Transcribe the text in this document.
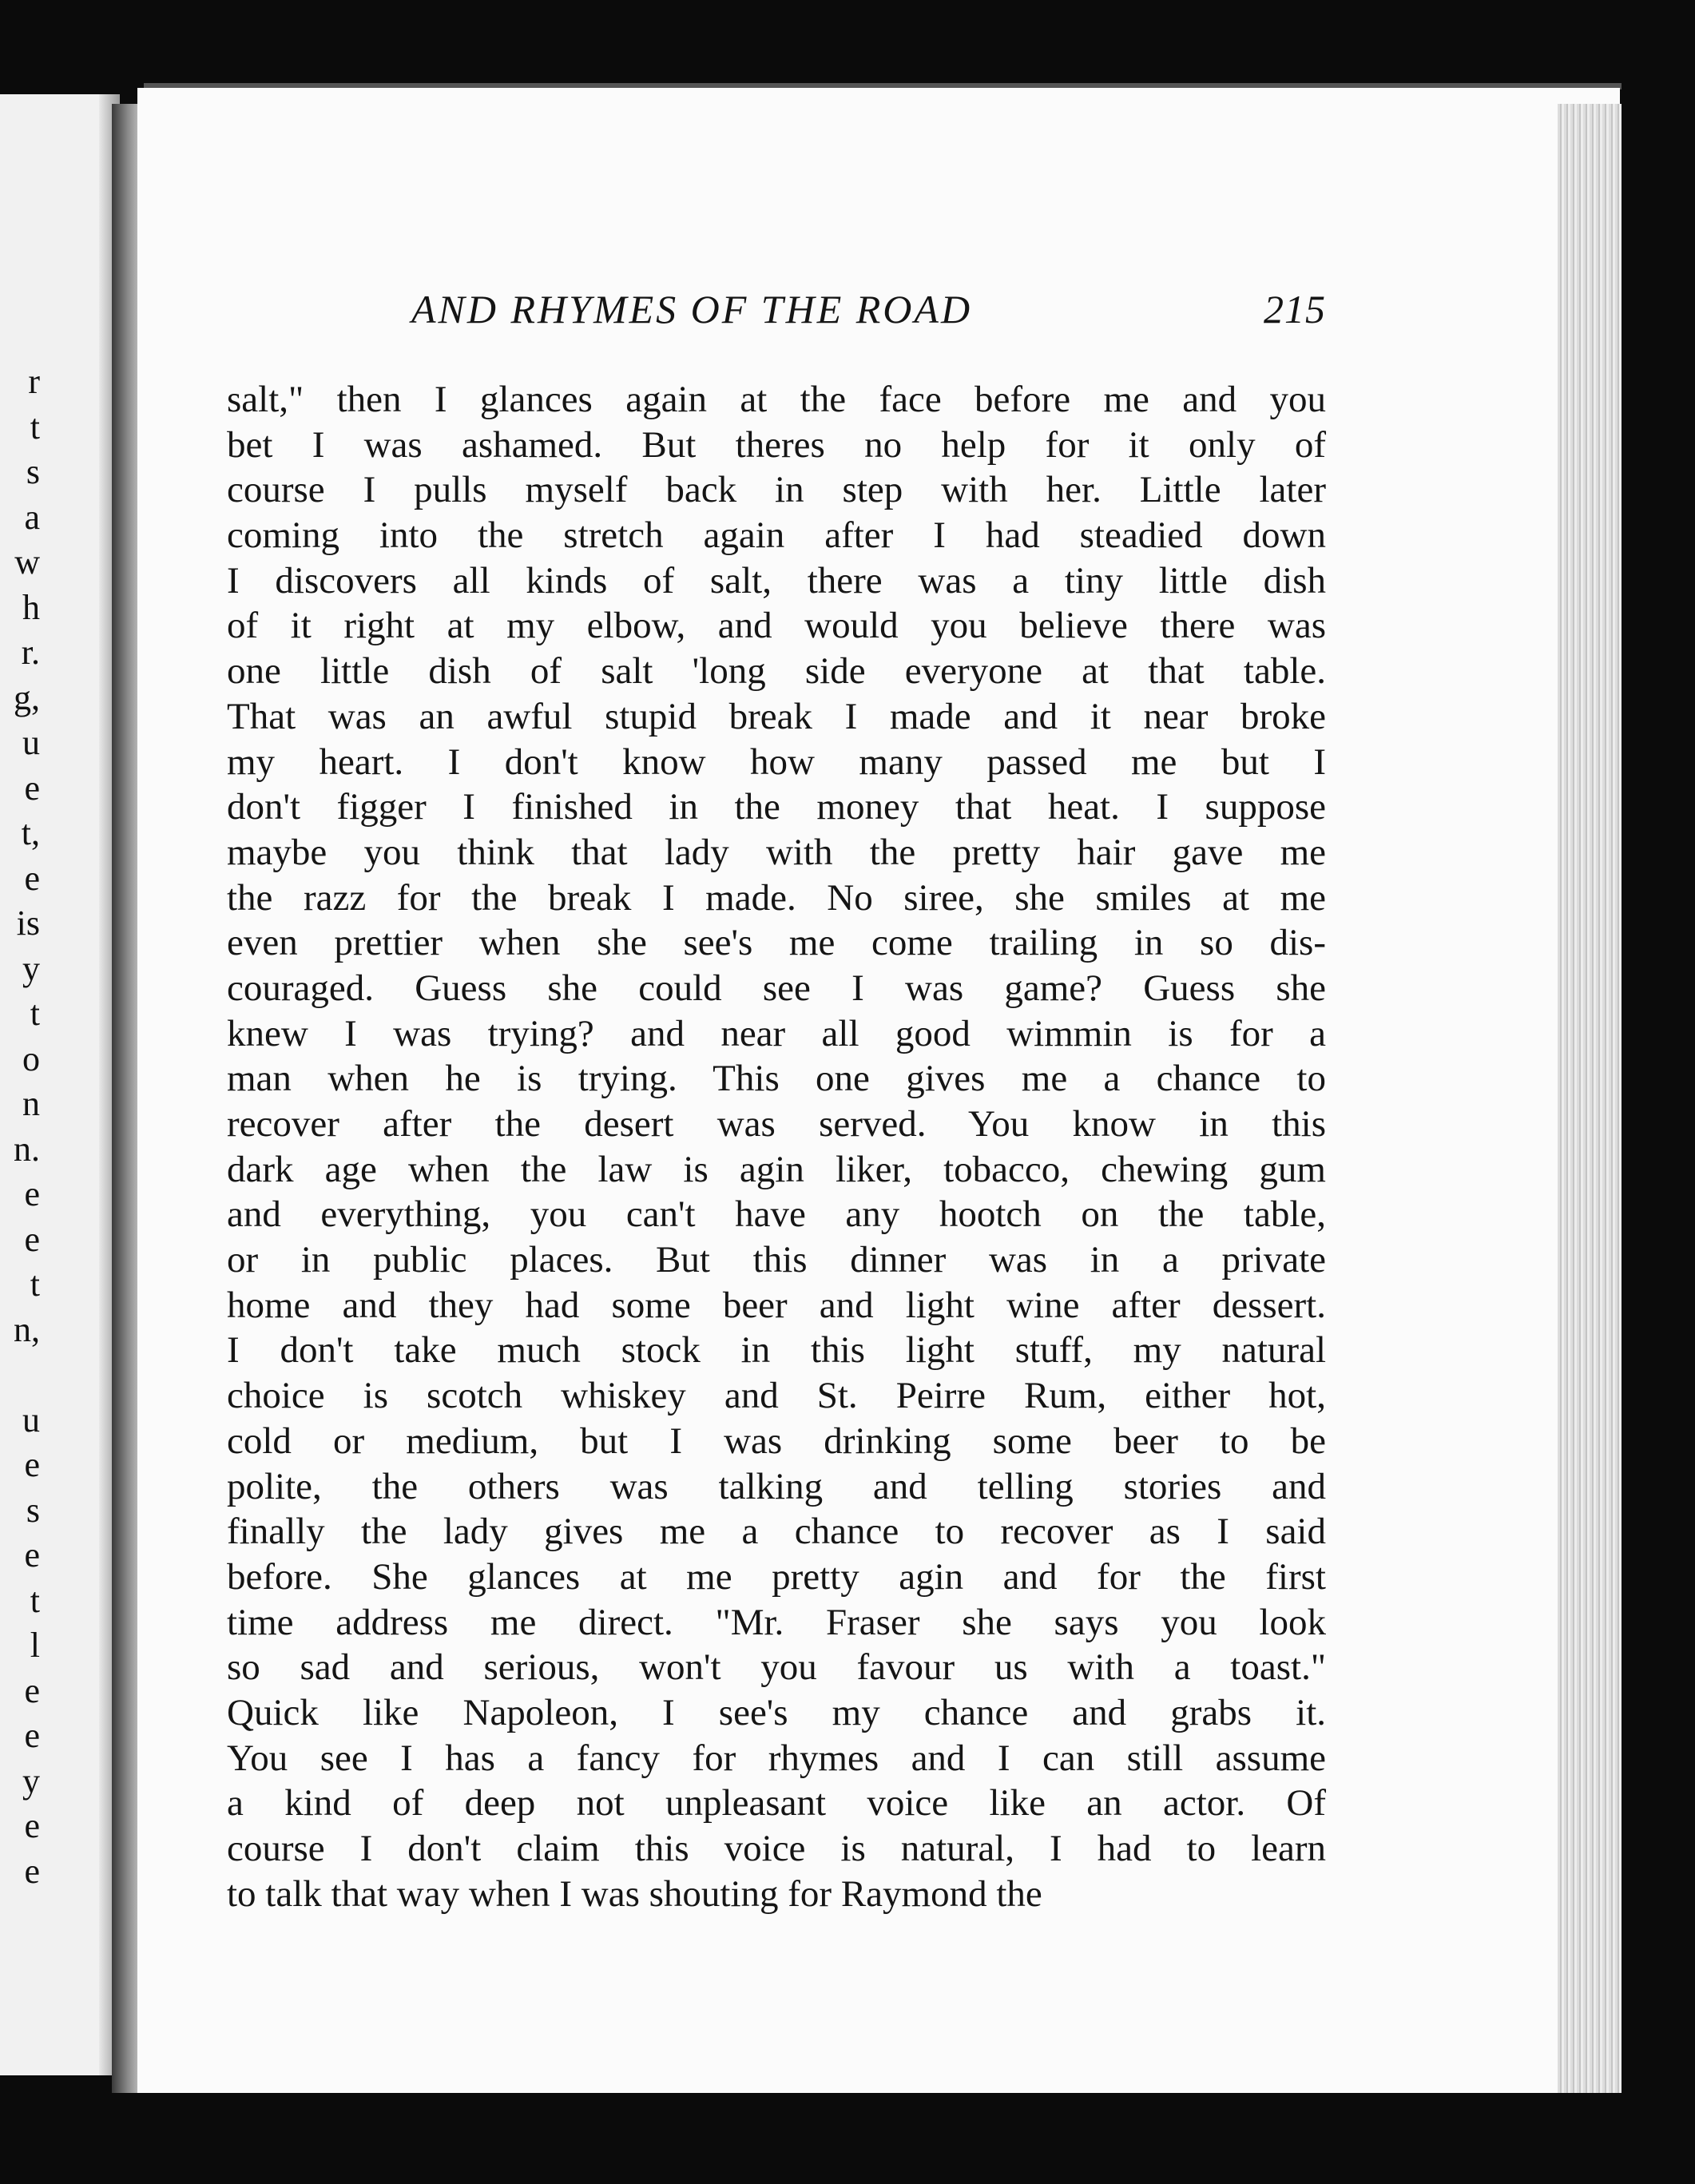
r
t
s
a
w
h
r.
g,
u
e
t,
e
is
y
t
o
n
n.
e
e
t
n,
u
e
s
e
t
l
e
e
y
e
e
AND RHYMES OF THE ROAD	215
salt," then I glances again at the face before me and you
bet I was ashamed. But theres no help for it only of
course I pulls myself back in step with her. Little later
coming into the stretch again after I had steadied down
I discovers all kinds of salt, there was a tiny little dish
of it right at my elbow, and would you believe there was
one little dish of salt 'long side everyone at that table.
That was an awful stupid break I made and it near broke
my heart. I don't know how many passed me but I
don't figger I finished in the money that heat. I suppose
maybe you think that lady with the pretty hair gave me
the razz for the break I made. No siree, she smiles at me
even prettier when she see's me come trailing in so dis-
couraged. Guess she could see I was game? Guess she
knew I was trying? and near all good wimmin is for a
man when he is trying. This one gives me a chance to
recover after the desert was served. You know in this
dark age when the law is agin liker, tobacco, chewing gum
and everything, you can't have any hootch on the table,
or in public places. But this dinner was in a private
home and they had some beer and light wine after dessert.
I don't take much stock in this light stuff, my natural
choice is scotch whiskey and St. Peirre Rum, either hot,
cold or medium, but I was drinking some beer to be
polite, the others was talking and telling stories and
finally the lady gives me a chance to recover as I said
before. She glances at me pretty agin and for the first
time address me direct. "Mr. Fraser she says you look
so sad and serious, won't you favour us with a toast."
Quick like Napoleon, I see's my chance and grabs it.
You see I has a fancy for rhymes and I can still assume
a kind of deep not unpleasant voice like an actor. Of
course I don't claim this voice is natural, I had to learn
to talk that way when I was shouting for Raymond the
